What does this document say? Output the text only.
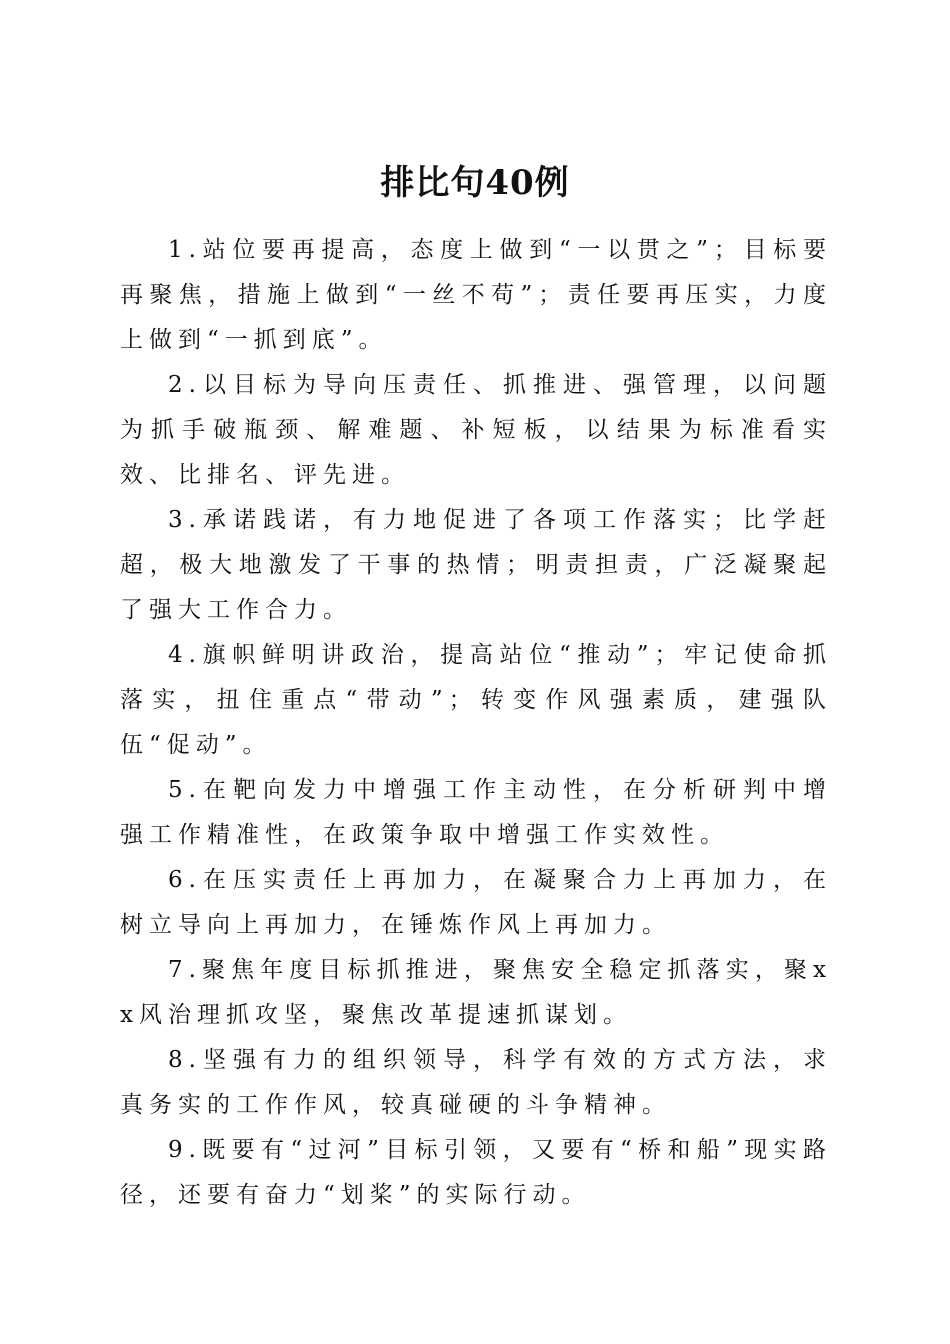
排比句40例

1.站位要再提高，态度上做到“一以贯之”；目标要再聚焦，措施上做到“一丝不苟”；责任要再压实，力度上做到“一抓到底”。

2.以目标为导向压责任、抓推进、强管理，以问题为抓手破瓶颈、解难题、补短板，以结果为标准看实效、比排名、评先进。

3.承诺践诺，有力地促进了各项工作落实；比学赶超，极大地激发了干事的热情；明责担责，广泛凝聚起了强大工作合力。

4.旗帜鲜明讲政治，提高站位“推动”；牢记使命抓落实，扭住重点“带动”；转变作风强素质，建强队伍“促动”。

5.在靶向发力中增强工作主动性，在分析研判中增强工作精准性，在政策争取中增强工作实效性。

6.在压实责任上再加力，在凝聚合力上再加力，在树立导向上再加力，在锤炼作风上再加力。

7.聚焦年度目标抓推进，聚焦安全稳定抓落实，聚xx风治理抓攻坚，聚焦改革提速抓谋划。

8.坚强有力的组织领导，科学有效的方式方法，求真务实的工作作风，较真碰硬的斗争精神。

9.既要有“过河”目标引领，又要有“桥和船”现实路径，还要有奋力“划桨”的实际行动。
